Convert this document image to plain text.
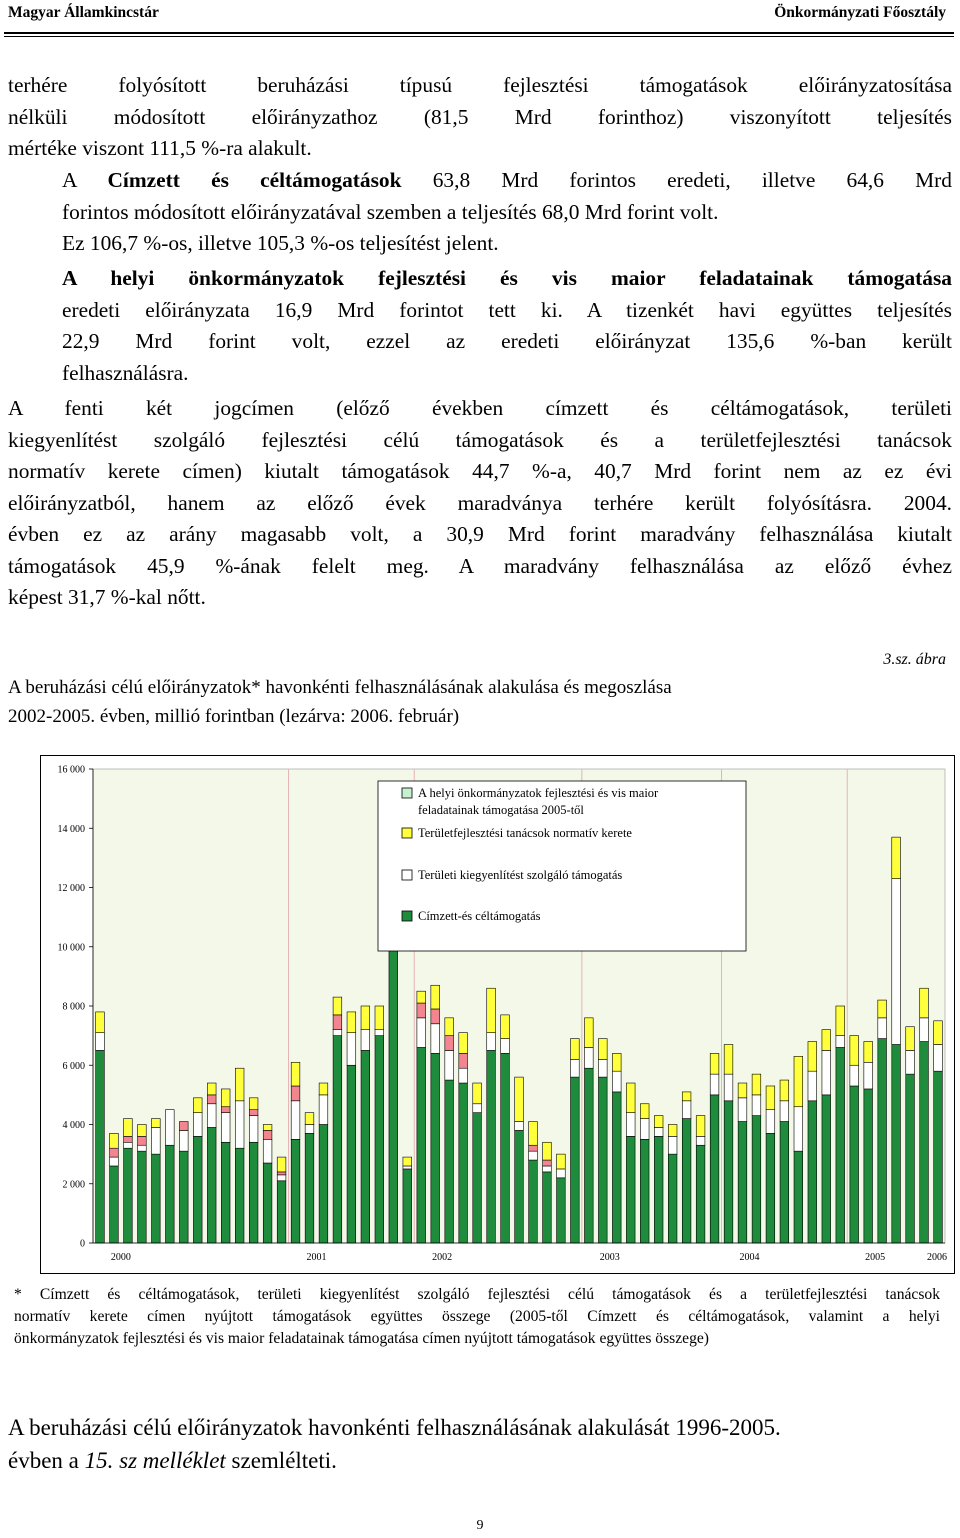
Magyar Államkincstár	Önkormányzati Főosztály
terhére folyósított beruházási típusú fejlesztési támogatások előirányzatosítása
nélküli módosított előirányzathoz (81,5 Mrd forinthoz) viszonyított teljesítés
mértéke viszont 111,5 %-ra alakult.
A Címzett és céltámogatások 63,8 Mrd forintos eredeti, illetve 64,6 Mrd
forintos módosított előirányzatával szemben a teljesítés 68,0 Mrd forint volt.
Ez 106,7 %-os, illetve 105,3 %-os teljesítést jelent.
A helyi önkormányzatok fejlesztési és vis maior feladatainak támogatása
eredeti előirányzata 16,9 Mrd forintot tett ki. A tizenkét havi együttes teljesítés
22,9 Mrd forint volt, ezzel az eredeti előirányzat 135,6 %-ban került
felhasználásra.
A fenti két jogcímen (előző években címzett és céltámogatások, területi
kiegyenlítést szolgáló fejlesztési célú támogatások és a területfejlesztési tanácsok
normatív kerete címen) kiutalt támogatások 44,7 %-a, 40,7 Mrd forint nem az ez évi
előirányzatból, hanem az előző évek maradványa terhére került folyósításra. 2004.
évben ez az arány magasabb volt, a 30,9 Mrd forint maradvány felhasználása kiutalt
támogatások 45,9 %-ának felelt meg. A maradvány felhasználása az előző évhez
képest 31,7 %-kal nőtt.
3.sz. ábra
A beruházási célú előirányzatok* havonkénti felhasználásának alakulása és megoszlása
2002-2005. évben, millió forintban (lezárva: 2006. február)
0
2 000
4 000
6 000
8 000
10 000
12 000
14 000
16 000
2000	2001	2002	2003	2004	2005	2006
A helyi önkormányzatok fejlesztési és vis maior
feladatainak támogatása 2005-től
Területfejlesztési tanácsok normatív kerete
Területi kiegyenlítést szolgáló támogatás
Címzett-és céltámogatás
* Címzett és céltámogatások, területi kiegyenlítést szolgáló fejlesztési célú támogatások és a területfejlesztési tanácsok
normatív kerete címen nyújtott támogatások együttes összege (2005-től Címzett és céltámogatások, valamint a helyi
önkormányzatok fejlesztési és vis maior feladatainak támogatása címen nyújtott támogatások együttes összege)
A beruházási célú előirányzatok havonkénti felhasználásának alakulását 1996-2005.
évben a 15. sz melléklet szemlélteti.
9
